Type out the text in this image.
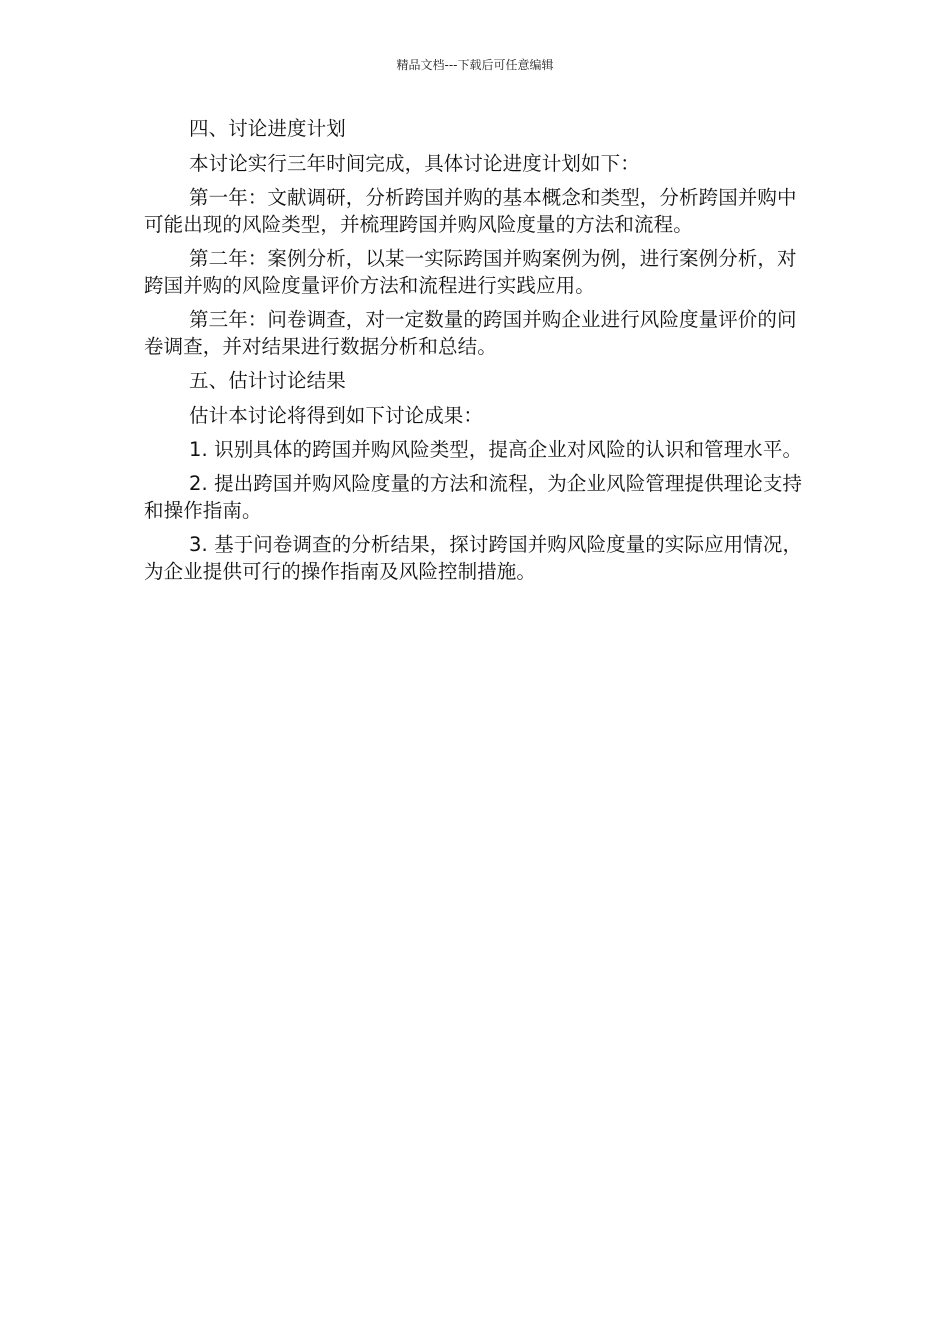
精品文档---下载后可任意编辑

四、讨论进度计划

本讨论实行三年时间完成，具体讨论进度计划如下：

第一年：文献调研，分析跨国并购的基本概念和类型，分析跨国并购中可能出现的风险类型，并梳理跨国并购风险度量的方法和流程。

第二年：案例分析，以某一实际跨国并购案例为例，进行案例分析，对跨国并购的风险度量评价方法和流程进行实践应用。

第三年：问卷调查，对一定数量的跨国并购企业进行风险度量评价的问卷调查，并对结果进行数据分析和总结。

五、估计讨论结果

估计本讨论将得到如下讨论成果：

1. 识别具体的跨国并购风险类型，提高企业对风险的认识和管理水平。

2. 提出跨国并购风险度量的方法和流程，为企业风险管理提供理论支持和操作指南。

3. 基于问卷调查的分析结果，探讨跨国并购风险度量的实际应用情况，为企业提供可行的操作指南及风险控制措施。
